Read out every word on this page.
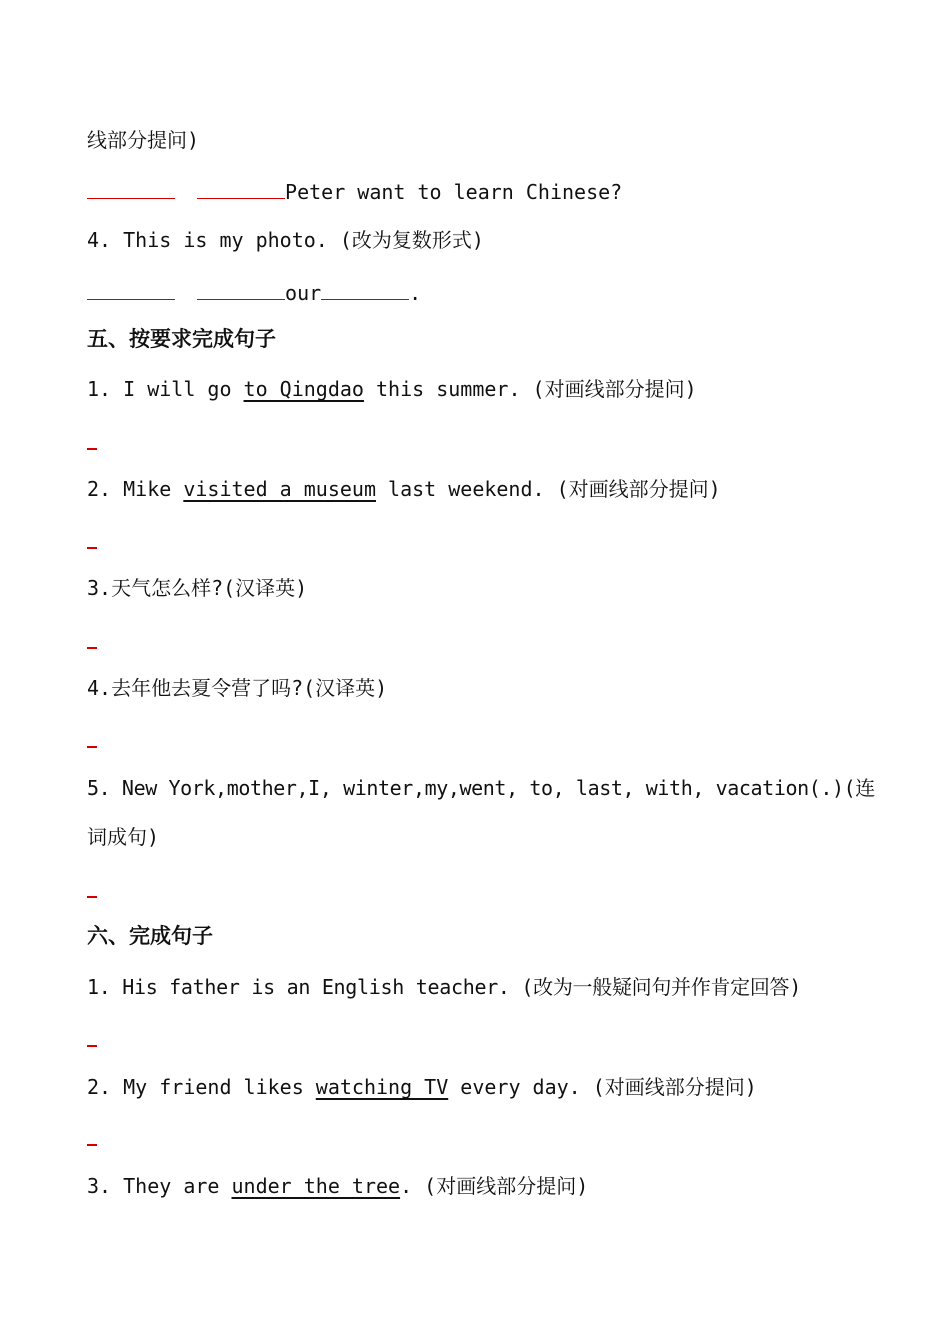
线部分提问)
Peter want to learn Chinese?
4. This is my photo. (改为复数形式)
our	.
五、按要求完成句子
1. I will go to Qingdao this summer. (对画线部分提问)
2. Mike visited a museum last weekend. (对画线部分提问)
3.天气怎么样?(汉译英)
4.去年他去夏令营了吗?(汉译英)
5. New York,mother,I, winter,my,went, to, last, with, vacation(.)(连
词成句)
六、完成句子
1. His father is an English teacher. (改为一般疑问句并作肯定回答)
2. My friend likes watching TV every day. (对画线部分提问)
3. They are under the tree. (对画线部分提问)
